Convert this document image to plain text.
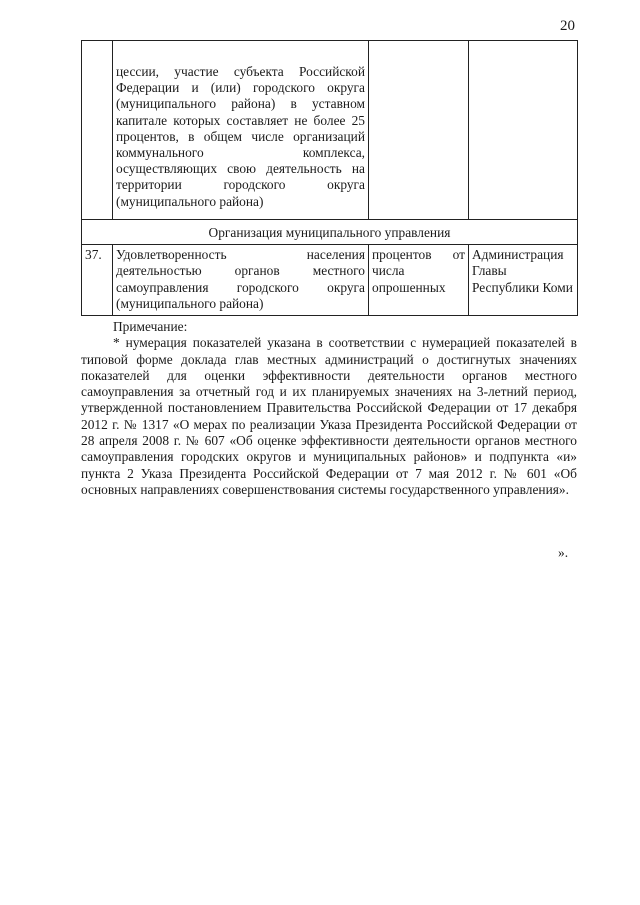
20
	цессии, участие субъекта Российской Федерации и (или) городского округа (муниципального района) в уставном капитале которых составляет не более 25 процентов, в общем числе организаций коммунального комплекса, осуществляющих свою деятельность на территории городского округа (муниципального района)		
Организация муниципального управления			
37.	Удовлетворенность населения деятельностью органов местного самоуправления городского округа (муниципального района)	процентов от числа опрошенных	Администрация Главы Республики Коми
Примечание:
* нумерация показателей указана в соответствии с нумерацией показателей в типовой форме доклада глав местных администраций о достигнутых значениях показателей для оценки эффективности деятельности органов местного самоуправления за отчетный год и их планируемых значениях на 3-летний период, утвержденной постановлением Правительства Российской Федерации от 17 декабря 2012 г. № 1317 «О мерах по реализации Указа Президента Российской Федерации от 28 апреля 2008 г. № 607 «Об оценке эффективности деятельности органов местного самоуправления городских округов и муниципальных районов» и подпункта «и» пункта 2 Указа Президента Российской Федерации от 7 мая 2012 г. № 601 «Об основных направлениях совершенствования системы государственного управления».
».
